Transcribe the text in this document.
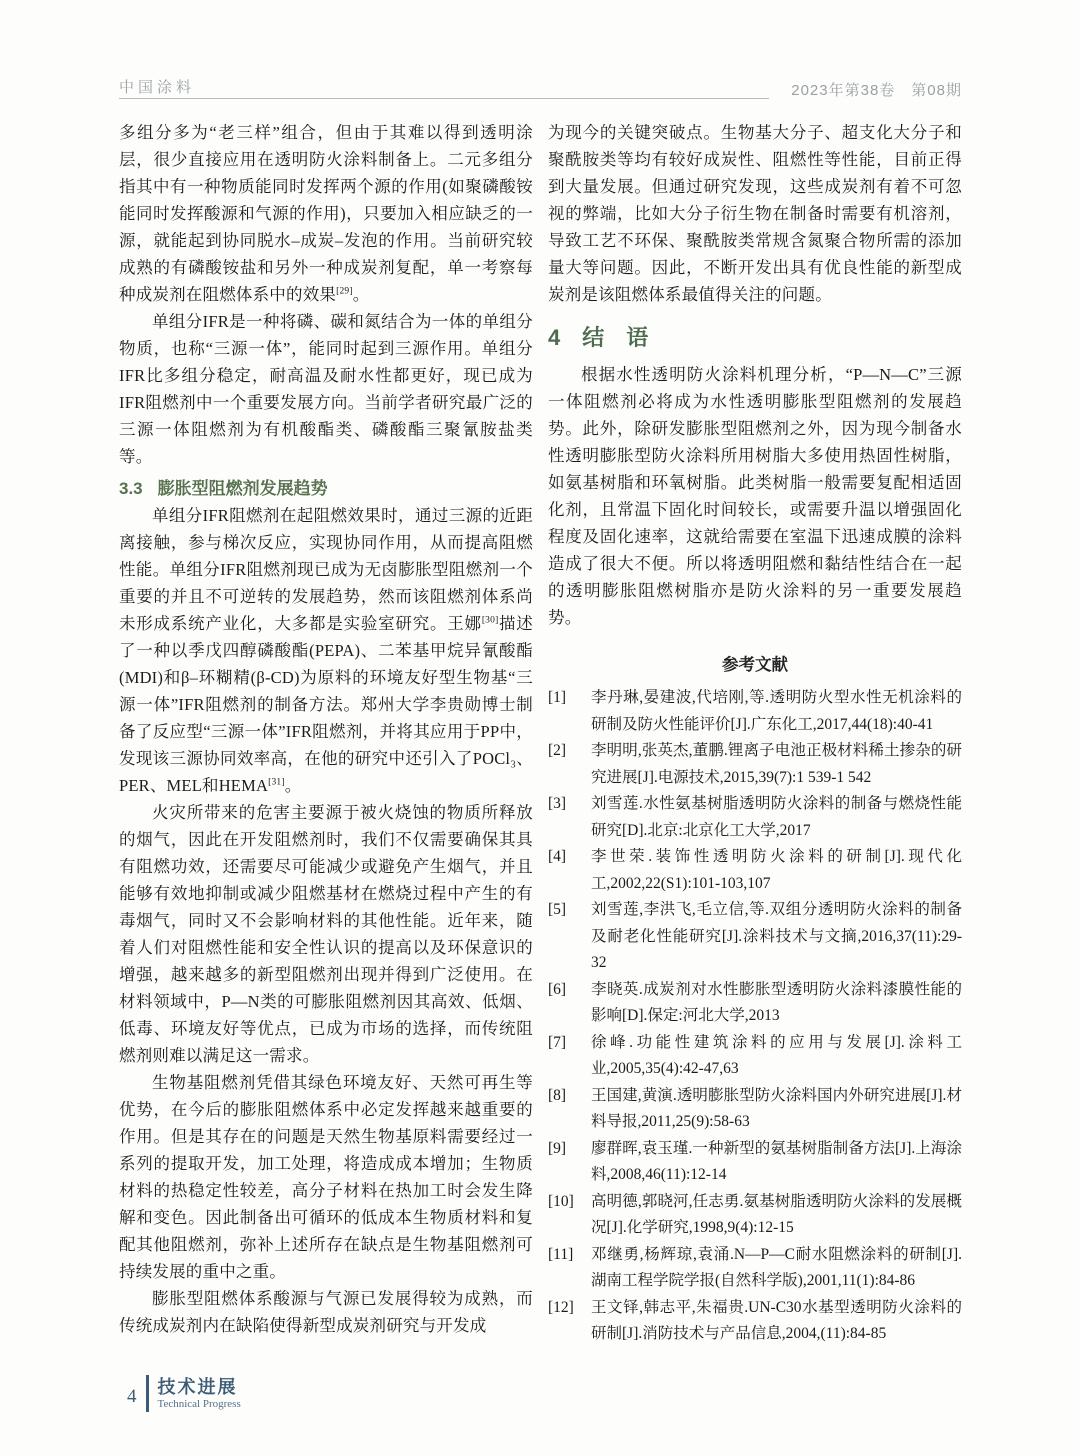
中国涂料	2023年第38卷　第08期

多组分多为“老三样”组合，但由于其难以得到透明涂层，很少直接应用在透明防火涂料制备上。二元多组分指其中有一种物质能同时发挥两个源的作用(如聚磷酸铵能同时发挥酸源和气源的作用)，只要加入相应缺乏的一源，就能起到协同脱水–成炭–发泡的作用。当前研究较成熟的有磷酸铵盐和另外一种成炭剂复配，单一考察每种成炭剂在阻燃体系中的效果[29]。

单组分IFR是一种将磷、碳和氮结合为一体的单组分物质，也称“三源一体”，能同时起到三源作用。单组分IFR比多组分稳定，耐高温及耐水性都更好，现已成为IFR阻燃剂中一个重要发展方向。当前学者研究最广泛的三源一体阻燃剂为有机酸酯类、磷酸酯三聚氰胺盐类等。

3.3 膨胀型阻燃剂发展趋势

单组分IFR阻燃剂在起阻燃效果时，通过三源的近距离接触，参与梯次反应，实现协同作用，从而提高阻燃性能。单组分IFR阻燃剂现已成为无卤膨胀型阻燃剂一个重要的并且不可逆转的发展趋势，然而该阻燃剂体系尚未形成系统产业化，大多都是实验室研究。王娜[30]描述了一种以季戊四醇磷酸酯(PEPA)、二苯基甲烷异氰酸酯(MDI)和β–环糊精(β-CD)为原料的环境友好型生物基“三源一体”IFR阻燃剂的制备方法。郑州大学李贵勋博士制备了反应型“三源一体”IFR阻燃剂，并将其应用于PP中，发现该三源协同效率高，在他的研究中还引入了POCl₃、PER、MEL和HEMA[31]。

火灾所带来的危害主要源于被火烧蚀的物质所释放的烟气，因此在开发阻燃剂时，我们不仅需要确保其具有阻燃功效，还需要尽可能减少或避免产生烟气，并且能够有效地抑制或减少阻燃基材在燃烧过程中产生的有毒烟气，同时又不会影响材料的其他性能。近年来，随着人们对阻燃性能和安全性认识的提高以及环保意识的增强，越来越多的新型阻燃剂出现并得到广泛使用。在材料领域中，P—N类的可膨胀阻燃剂因其高效、低烟、低毒、环境友好等优点，已成为市场的选择，而传统阻燃剂则难以满足这一需求。

生物基阻燃剂凭借其绿色环境友好、天然可再生等优势，在今后的膨胀阻燃体系中必定发挥越来越重要的作用。但是其存在的问题是天然生物基原料需要经过一系列的提取开发，加工处理，将造成成本增加；生物质材料的热稳定性较差，高分子材料在热加工时会发生降解和变色。因此制备出可循环的低成本生物质材料和复配其他阻燃剂，弥补上述所存在缺点是生物基阻燃剂可持续发展的重中之重。

膨胀型阻燃体系酸源与气源已发展得较为成熟，而传统成炭剂内在缺陷使得新型成炭剂研究与开发成

为现今的关键突破点。生物基大分子、超支化大分子和聚酰胺类等均有较好成炭性、阻燃性等性能，目前正得到大量发展。但通过研究发现，这些成炭剂有着不可忽视的弊端，比如大分子衍生物在制备时需要有机溶剂，导致工艺不环保、聚酰胺类常规含氮聚合物所需的添加量大等问题。因此，不断开发出具有优良性能的新型成炭剂是该阻燃体系最值得关注的问题。

4 结　语

根据水性透明防火涂料机理分析，“P—N—C”三源一体阻燃剂必将成为水性透明膨胀型阻燃剂的发展趋势。此外，除研发膨胀型阻燃剂之外，因为现今制备水性透明膨胀型防火涂料所用树脂大多使用热固性树脂，如氨基树脂和环氧树脂。此类树脂一般需要复配相适固化剂，且常温下固化时间较长，或需要升温以增强固化程度及固化速率，这就给需要在室温下迅速成膜的涂料造成了很大不便。所以将透明阻燃和黏结性结合在一起的透明膨胀阻燃树脂亦是防火涂料的另一重要发展趋势。

参考文献
[1]	李丹琳,晏建波,代培刚,等.透明防火型水性无机涂料的研制及防火性能评价[J].广东化工,2017,44(18):40-41
[2]	李明明,张英杰,董鹏.锂离子电池正极材料稀土掺杂的研究进展[J].电源技术,2015,39(7):1 539-1 542
[3]	刘雪莲.水性氨基树脂透明防火涂料的制备与燃烧性能研究[D].北京:北京化工大学,2017
[4]	李世荣.装饰性透明防火涂料的研制[J].现代化工,2002,22(S1):101-103,107
[5]	刘雪莲,李洪飞,毛立信,等.双组分透明防火涂料的制备及耐老化性能研究[J].涂料技术与文摘,2016,37(11):29-32
[6]	李晓英.成炭剂对水性膨胀型透明防火涂料漆膜性能的影响[D].保定:河北大学,2013
[7]	徐峰.功能性建筑涂料的应用与发展[J].涂料工业,2005,35(4):42-47,63
[8]	王国建,黄演.透明膨胀型防火涂料国内外研究进展[J].材料导报,2011,25(9):58-63
[9]	廖群晖,袁玉瑾.一种新型的氨基树脂制备方法[J].上海涂料,2008,46(11):12-14
[10]	高明德,郭晓河,任志勇.氨基树脂透明防火涂料的发展概况[J].化学研究,1998,9(4):12-15
[11]	邓继勇,杨辉琼,袁涌.N—P—C耐水阻燃涂料的研制[J].湖南工程学院学报(自然科学版),2001,11(1):84-86
[12]	王文铎,韩志平,朱福贵.UN-C30水基型透明防火涂料的研制[J].消防技术与产品信息,2004,(11):84-85
4 技术进展
Technical Progress
